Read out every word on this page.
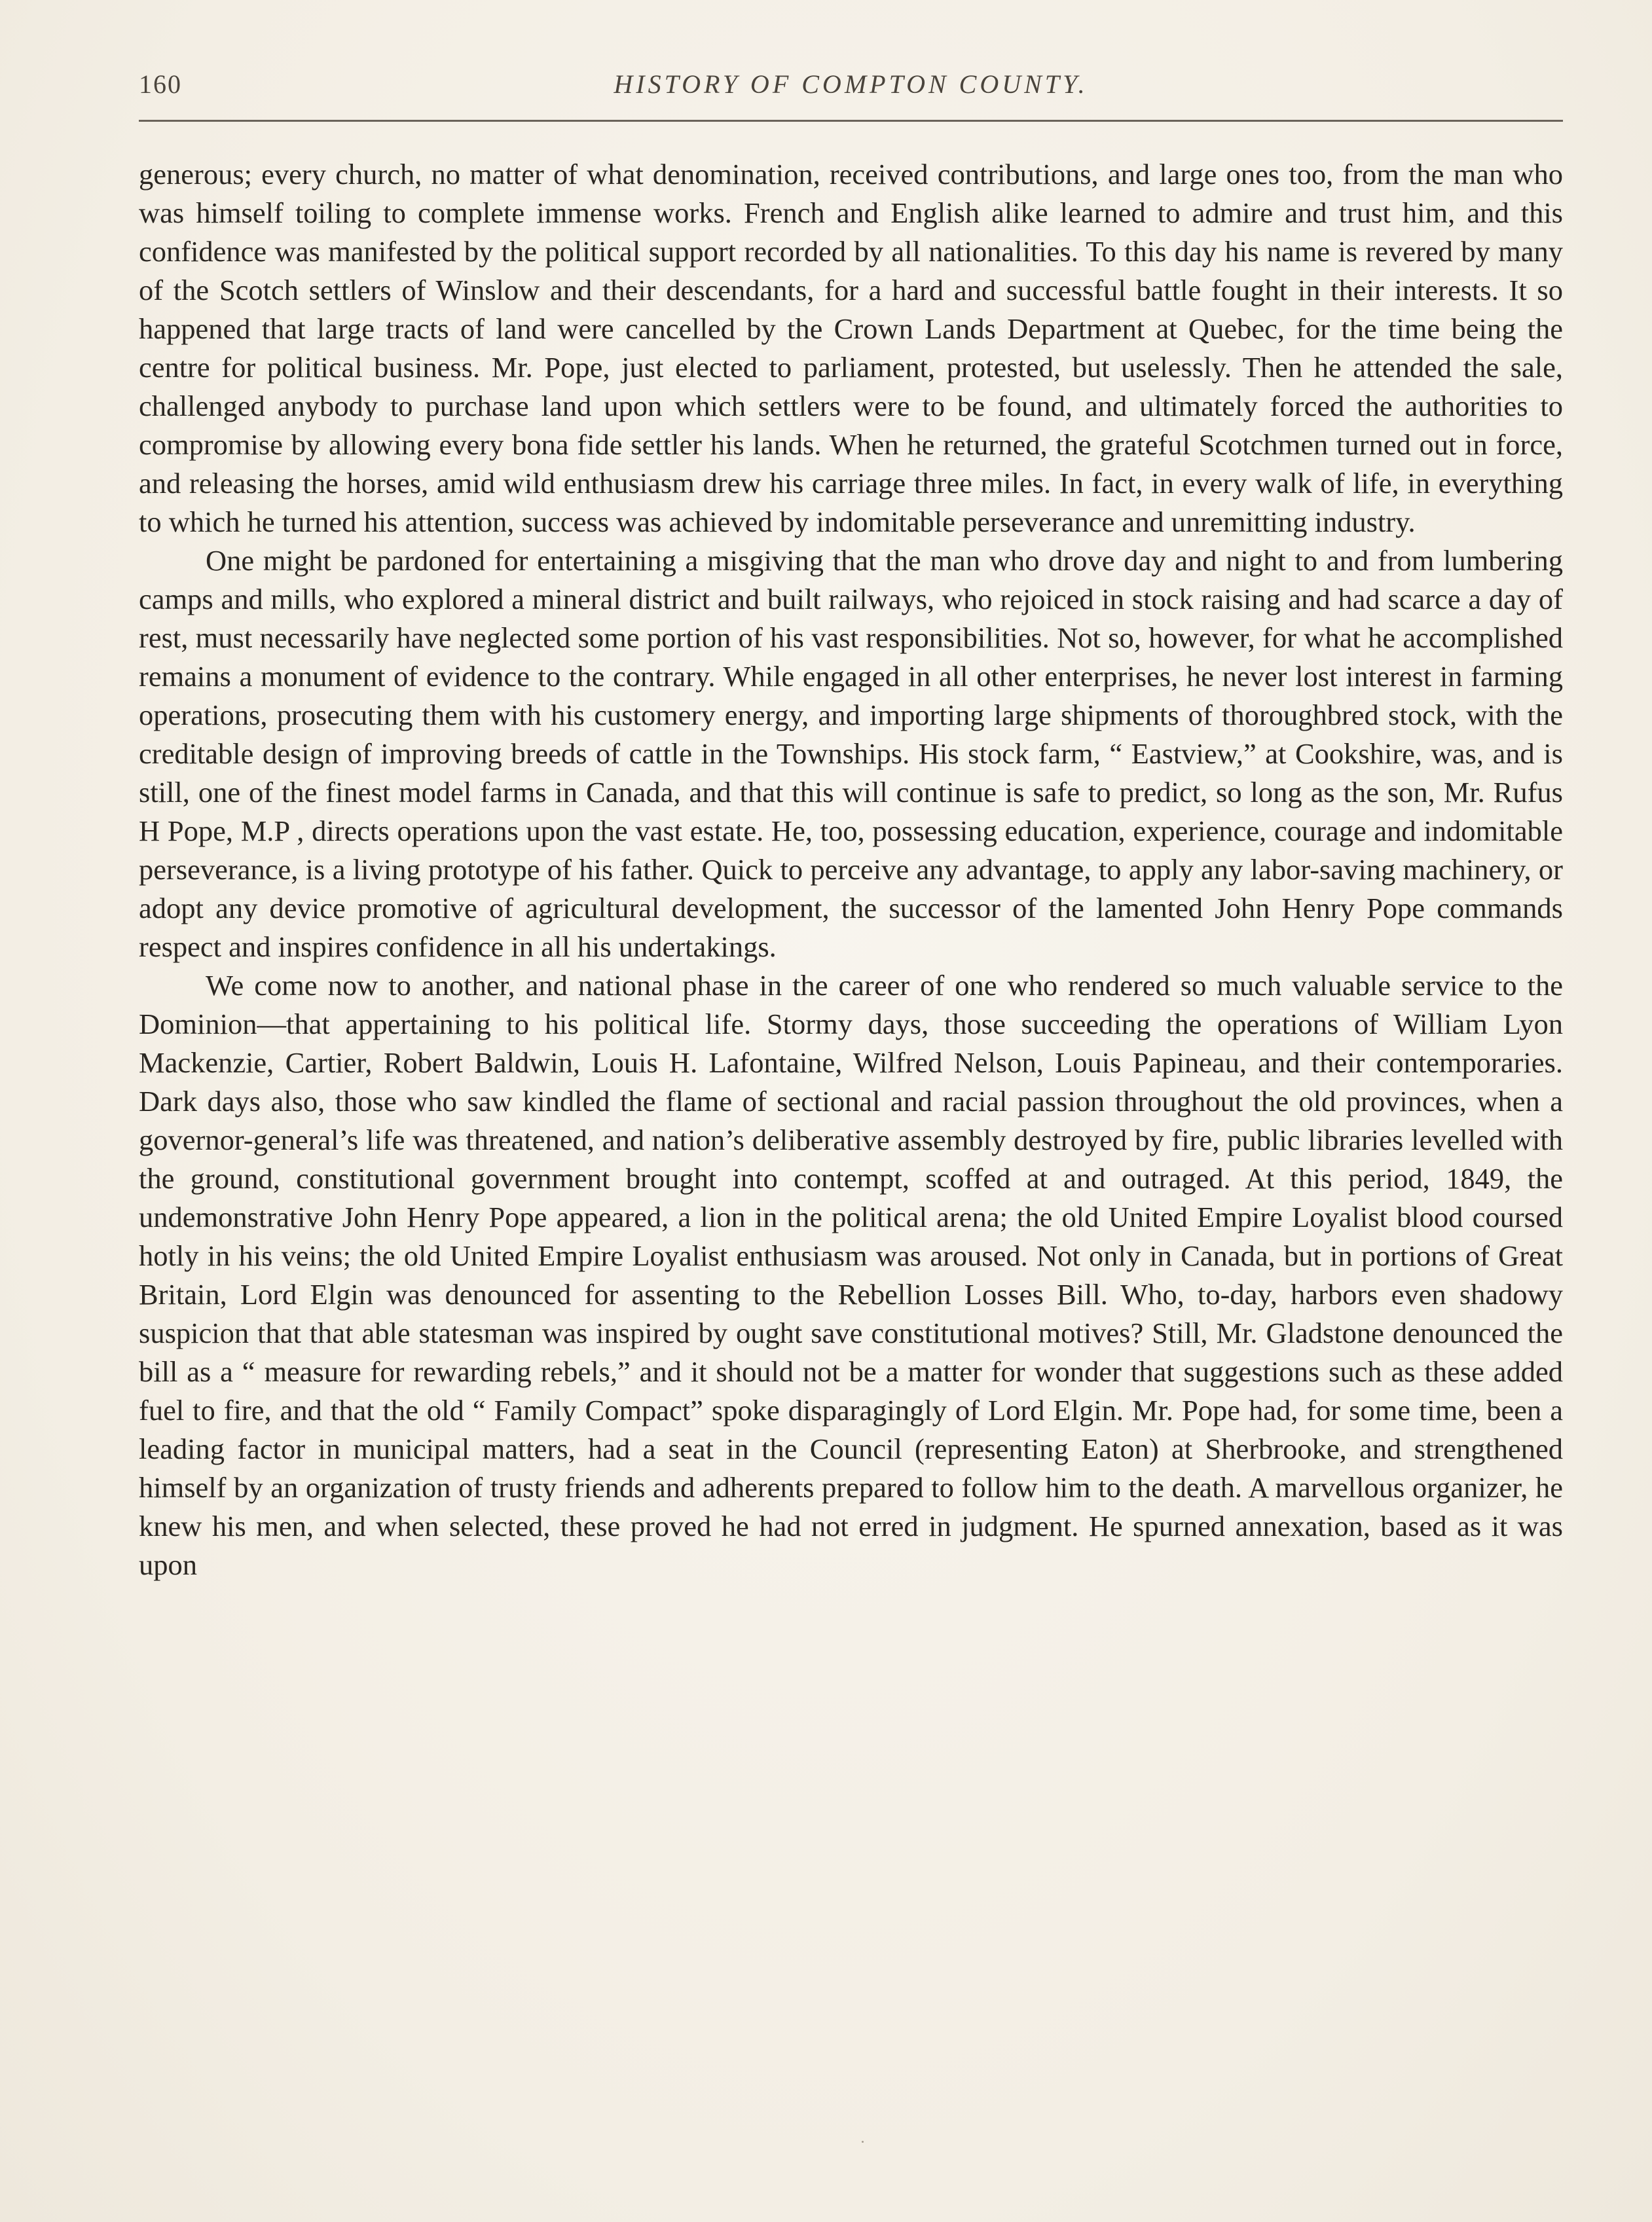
160	HISTORY OF COMPTON COUNTY.

generous; every church, no matter of what denomination, received contributions, and large ones too, from the man who was himself toiling to complete immense works. French and English alike learned to admire and trust him, and this confidence was manifested by the political support recorded by all nationalities. To this day his name is revered by many of the Scotch settlers of Winslow and their descendants, for a hard and successful battle fought in their interests. It so happened that large tracts of land were cancelled by the Crown Lands Department at Quebec, for the time being the centre for political business. Mr. Pope, just elected to parliament, protested, but uselessly. Then he attended the sale, challenged anybody to purchase land upon which settlers were to be found, and ultimately forced the authorities to compromise by allowing every bona fide settler his lands. When he returned, the grateful Scotchmen turned out in force, and releasing the horses, amid wild enthusiasm drew his carriage three miles. In fact, in every walk of life, in everything to which he turned his attention, success was achieved by indomitable perseverance and unremitting industry.

One might be pardoned for entertaining a misgiving that the man who drove day and night to and from lumbering camps and mills, who explored a mineral district and built railways, who rejoiced in stock raising and had scarce a day of rest, must necessarily have neglected some portion of his vast responsibilities. Not so, however, for what he accomplished remains a monument of evidence to the contrary. While engaged in all other enterprises, he never lost interest in farming operations, prosecuting them with his customery energy, and importing large shipments of thoroughbred stock, with the creditable design of improving breeds of cattle in the Townships. His stock farm, “ Eastview,” at Cookshire, was, and is still, one of the finest model farms in Canada, and that this will continue is safe to predict, so long as the son, Mr. Rufus H Pope, M.P , directs operations upon the vast estate. He, too, possessing education, experience, courage and indomitable perseverance, is a living prototype of his father. Quick to perceive any advantage, to apply any labor-saving machinery, or adopt any device promotive of agricultural development, the successor of the lamented John Henry Pope commands respect and inspires confidence in all his undertakings.

We come now to another, and national phase in the career of one who rendered so much valuable service to the Dominion—that appertaining to his political life. Stormy days, those succeeding the operations of William Lyon Mackenzie, Cartier, Robert Baldwin, Louis H. Lafontaine, Wilfred Nelson, Louis Papineau, and their contemporaries. Dark days also, those who saw kindled the flame of sectional and racial passion throughout the old provinces, when a governor-general’s life was threatened, and nation’s deliberative assembly destroyed by fire, public libraries levelled with the ground, constitutional government brought into contempt, scoffed at and outraged. At this period, 1849, the undemonstrative John Henry Pope appeared, a lion in the political arena; the old United Empire Loyalist blood coursed hotly in his veins; the old United Empire Loyalist enthusiasm was aroused. Not only in Canada, but in portions of Great Britain, Lord Elgin was denounced for assenting to the Rebellion Losses Bill. Who, to-day, harbors even shadowy suspicion that that able statesman was inspired by ought save constitutional motives? Still, Mr. Gladstone denounced the bill as a “ measure for rewarding rebels,” and it should not be a matter for wonder that suggestions such as these added fuel to fire, and that the old “ Family Compact” spoke disparagingly of Lord Elgin. Mr. Pope had, for some time, been a leading factor in municipal matters, had a seat in the Council (representing Eaton) at Sherbrooke, and strengthened himself by an organization of trusty friends and adherents prepared to follow him to the death. A marvellous organizer, he knew his men, and when selected, these proved he had not erred in judgment. He spurned annexation, based as it was upon
